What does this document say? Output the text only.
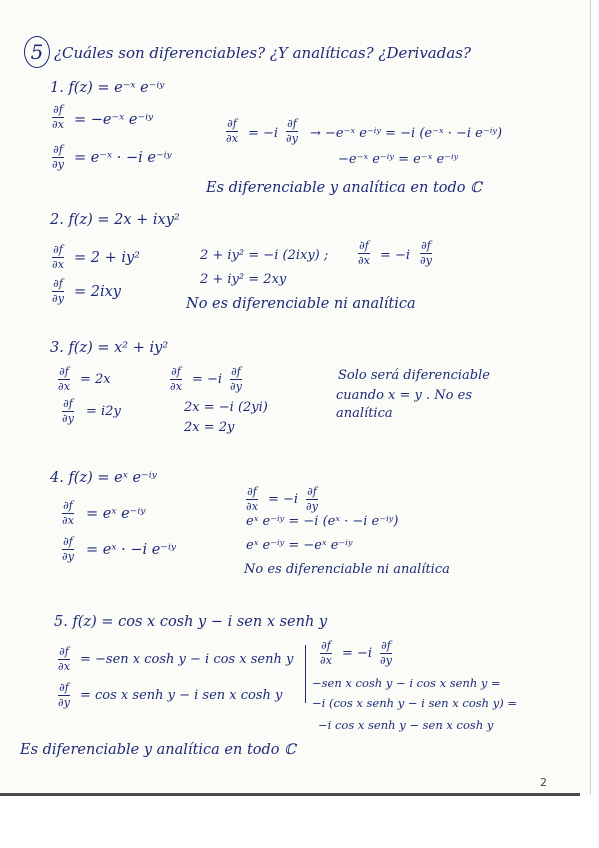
5 ¿Cuáles son diferenciables? ¿Y analíticas? ¿Derivadas?
1. f(z) = e⁻ˣ e⁻ⁱʸ
∂f
∂x = −e⁻ˣ e⁻ⁱʸ
∂f
∂y = e⁻ˣ · −i e⁻ⁱʸ
∂f
∂x = −i
∂f
∂y → −e⁻ˣ e⁻ⁱʸ = −i (e⁻ˣ · −i e⁻ⁱʸ)
−e⁻ˣ e⁻ⁱʸ = e⁻ˣ e⁻ⁱʸ
Es diferenciable y analítica en todo ℂ
2. f(z) = 2x + ixy²
∂f
∂x = 2 + iy²
∂f
∂y = 2ixy
2 + iy² = −i (2ixy) ;
∂f
∂x = −i
∂f
∂y
2 + iy² = 2xy
No es diferenciable ni analítica
3. f(z) = x² + iy²
∂f
∂x = 2x
∂f
∂y = i2y
∂f
∂x = −i
∂f
∂y
2x = −i (2yi)
2x = 2y
Solo será diferenciable
cuando x = y . No es
analítica
4. f(z) = eˣ e⁻ⁱʸ
∂f
∂x = eˣ e⁻ⁱʸ
∂f
∂y = eˣ · −i e⁻ⁱʸ
∂f
∂x = −i
∂f
∂y
eˣ e⁻ⁱʸ = −i (eˣ · −i e⁻ⁱʸ)
eˣ e⁻ⁱʸ = −eˣ e⁻ⁱʸ
No es diferenciable ni analítica
5. f(z) = cos x cosh y − i sen x senh y
∂f
∂x = −sen x cosh y − i cos x senh y
∂f
∂y = cos x senh y − i sen x cosh y
∂f
∂x = −i
∂f
∂y
−sen x cosh y − i cos x senh y =
−i (cos x senh y − i sen x cosh y) =
−i cos x senh y − sen x cosh y
Es diferenciable y analítica en todo ℂ
2
